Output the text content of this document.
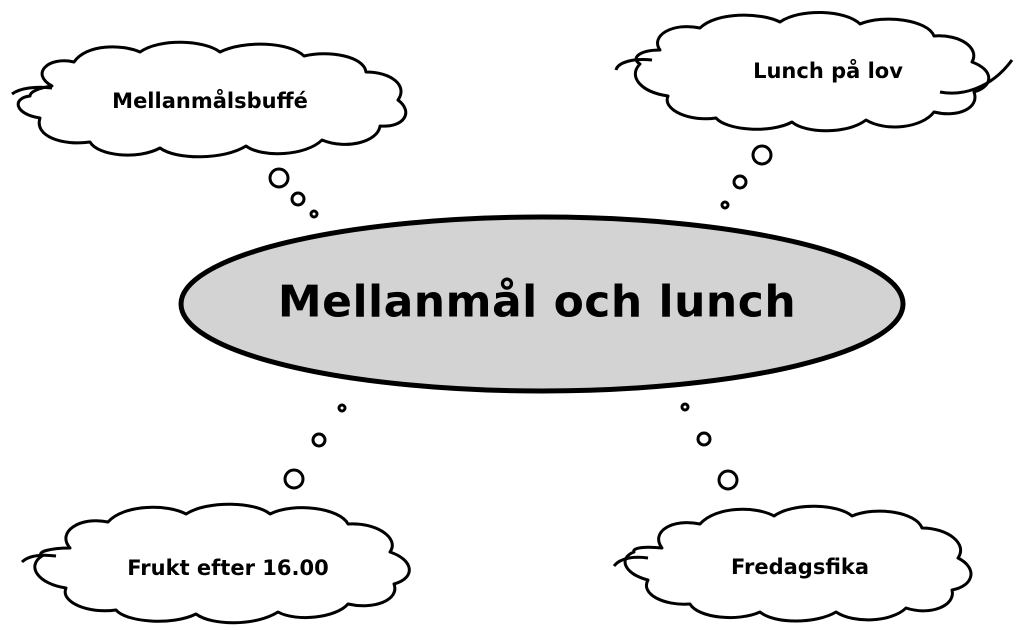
Mellanmål och lunch
Mellanmålsbuffé
Lunch på lov
Frukt efter 16.00	Fredagsfika
